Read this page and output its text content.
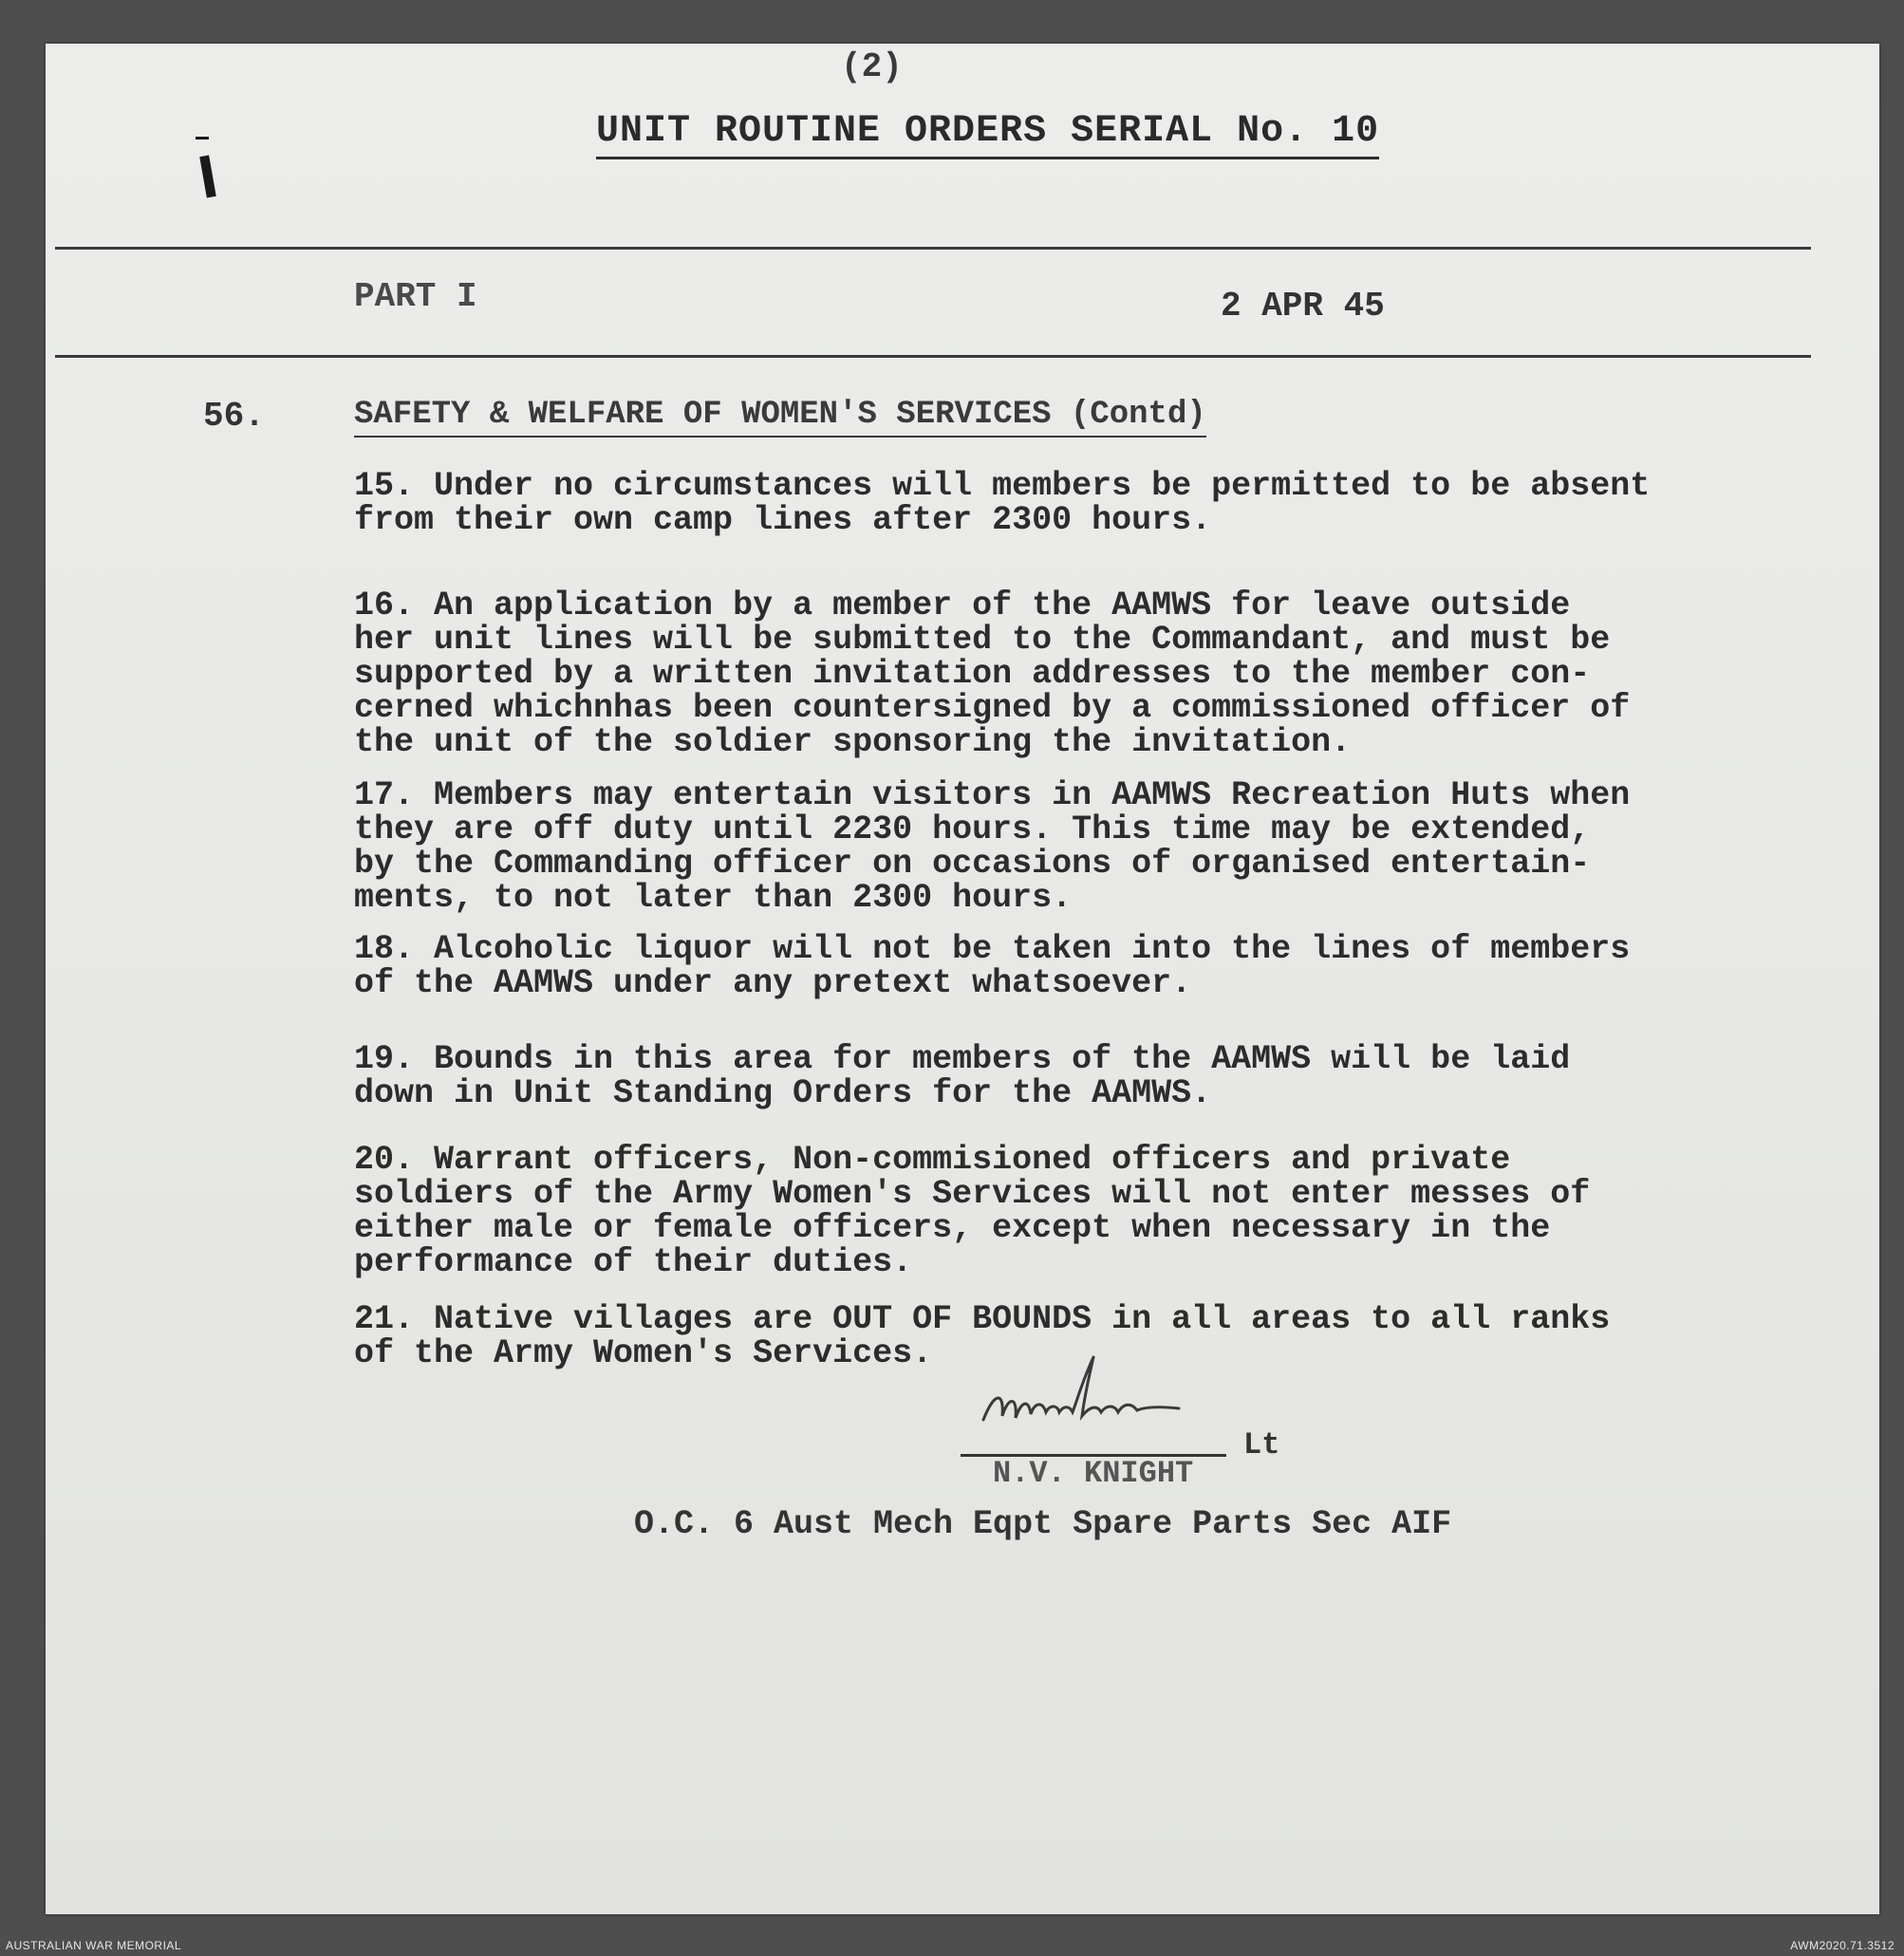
(2)
UNIT ROUTINE ORDERS SERIAL No. 10
PART I	2 APR 45
56.	SAFETY & WELFARE OF WOMEN'S SERVICES (Contd)

15. Under no circumstances will members be permitted to be absent
from their own camp lines after 2300 hours.

16. An application by a member of the AAMWS for leave outside
her unit lines will be submitted to the Commandant, and must be
supported by a written invitation addresses to the member con-
cerned whichnhas been countersigned by a commissioned officer of
the unit of the soldier sponsoring the invitation.

17. Members may entertain visitors in AAMWS Recreation Huts when
they are off duty until 2230 hours. This time may be extended,
by the Commanding officer on occasions of organised entertain-
ments, to not later than 2300 hours.

18. Alcoholic liquor will not be taken into the lines of members
of the AAMWS under any pretext whatsoever.

19. Bounds in this area for members of the AAMWS will be laid
down in Unit Standing Orders for the AAMWS.

20. Warrant officers, Non-commisioned officers and private
soldiers of the Army Women's Services will not enter messes of
either male or female officers, except when necessary in the
performance of their duties.

21. Native villages are OUT OF BOUNDS in all areas to all ranks
of the Army Women's Services.

Lt
N.V. KNIGHT
O.C. 6 Aust Mech Eqpt Spare Parts Sec AIF
AUSTRALIAN WAR MEMORIAL	AWM2020.71.3512
